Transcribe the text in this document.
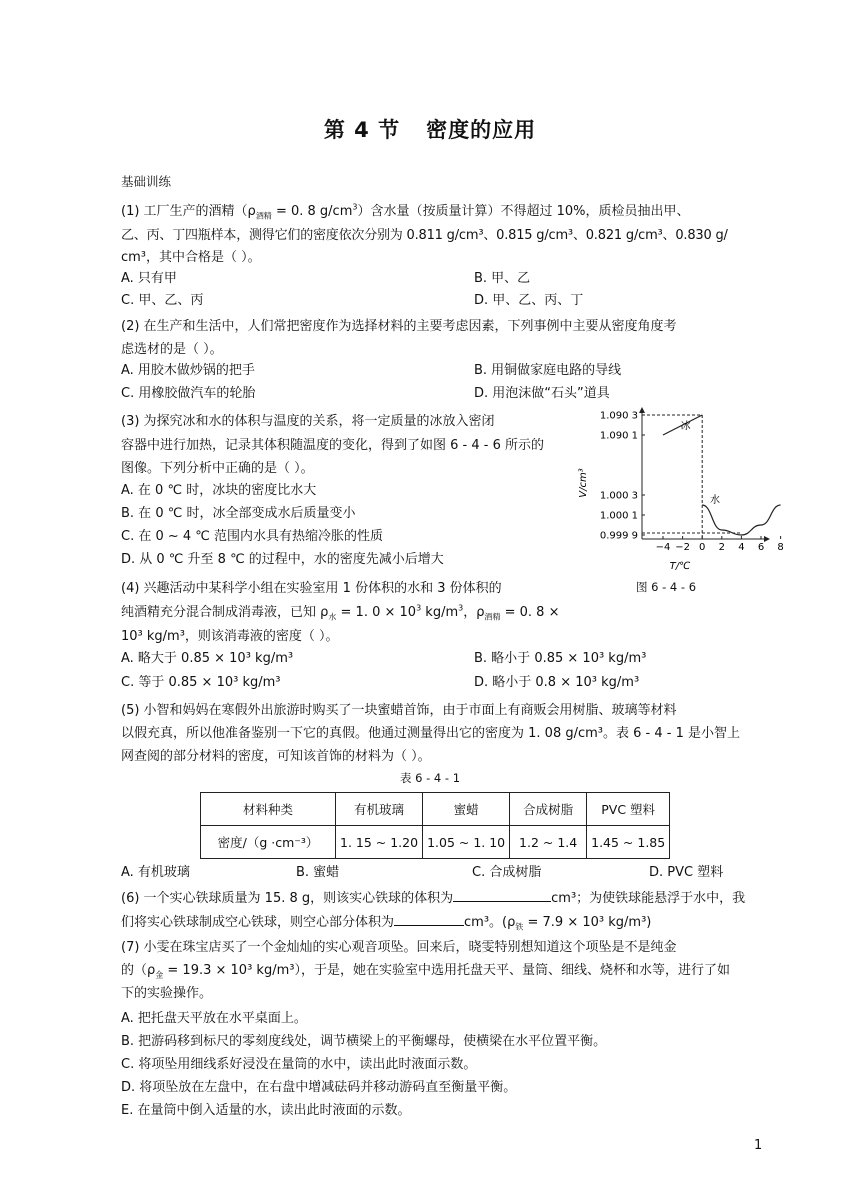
第 4 节 密度的应用
基础训练
(1) 工厂生产的酒精（$\rho_{酒精} = 0$. 8 $g/cm^3$）含水量（按质量计算）不得超过 10%，质检员抽出甲、
乙、丙、丁四瓶样本，测得它们的密度依次分别为 0.811 g/cm³、0.815 g/cm³、0.821 g/cm³、0.830 g/
cm³，其中合格是（ ）。
A. 只有甲	B. 甲、乙
C. 甲、乙、丙	D. 甲、乙、丙、丁
(2) 在生产和生活中，人们常把密度作为选择材料的主要考虑因素，下列事例中主要从密度角度考
虑选材的是（ ）。
A. 用胶木做炒锅的把手	B. 用铜做家庭电路的导线
C. 用橡胶做汽车的轮胎	D. 用泡沫做“石头”道具
(3) 为探究冰和水的体积与温度的关系，将一定质量的冰放入密闭
容器中进行加热，记录其体积随温度的变化，得到了如图 6 - 4 - 6 所示的
图像。下列分析中正确的是（ ）。
A. 在 0 ℃ 时，冰块的密度比水大
B. 在 0 ℃ 时，冰全部变成水后质量变小
C. 在 0 ~ 4 ℃ 范围内水具有热缩冷胀的性质
D. 从 0 ℃ 升至 8 ℃ 的过程中，水的密度先减小后增大
V/cm³
T/℃
1.090 3
1.090 1
1.000 3
1.000 1
0.999 9
−4 −2 0 2 4 6 8
冰
水
图 6 - 4 - 6
(4) 兴趣活动中某科学小组在实验室用 1 份体积的水和 3 份体积的
纯酒精充分混合制成消毒液，已知 $\rho_水 = 1$. $0 \times 10^3$ $kg/m^3$，$\rho_{酒精} = 0$. 8 ×
10³ kg/m³，则该消毒液的密度（ ）。
A. 略大于 0.85 × 10³ kg/m³	B. 略小于 0.85 × 10³ kg/m³
C. 等于 0.85 × 10³ kg/m³	D. 略小于 0.8 × 10³ kg/m³
(5) 小智和妈妈在寒假外出旅游时购买了一块蜜蜡首饰，由于市面上有商贩会用树脂、玻璃等材料
以假充真，所以他准备鉴别一下它的真假。他通过测量得出它的密度为 1. 08 g/cm³。表 6 - 4 - 1 是小智上
网查阅的部分材料的密度，可知该首饰的材料为（ ）。
表 6 - 4 - 1
材料种类	有机玻璃	蜜蜡	合成树脂	PVC 塑料
密度/（g ·cm⁻³）	1. 15 ~ 1.20	1.05 ~ 1. 10	1.2 ~ 1.4	1.45 ~ 1.85
A. 有机玻璃	B. 蜜蜡	C. 合成树脂	D. PVC 塑料
(6) 一个实心铁球质量为 15. 8 g，则该实心铁球的体积为	cm³；为使铁球能悬浮于水中，我
们将实心铁球制成空心铁球，则空心部分体积为	cm³。($\rho_铁 = 7.9 \times 10^3$ kg/m³)
(7) 小雯在珠宝店买了一个金灿灿的实心观音项坠。回来后，晓雯特别想知道这个项坠是不是纯金
的（$\rho_金 = 19.3 \times 10^3$ kg/m³），于是，她在实验室中选用托盘天平、量筒、细线、烧杯和水等，进行了如
下的实验操作。
A. 把托盘天平放在水平桌面上。
B. 把游码移到标尺的零刻度线处，调节横梁上的平衡螺母，使横梁在水平位置平衡。
C. 将项坠用细线系好浸没在量筒的水中，读出此时液面示数。
D. 将项坠放在左盘中，在右盘中增减砝码并移动游码直至衡量平衡。
E. 在量筒中倒入适量的水，读出此时液面的示数。
1
